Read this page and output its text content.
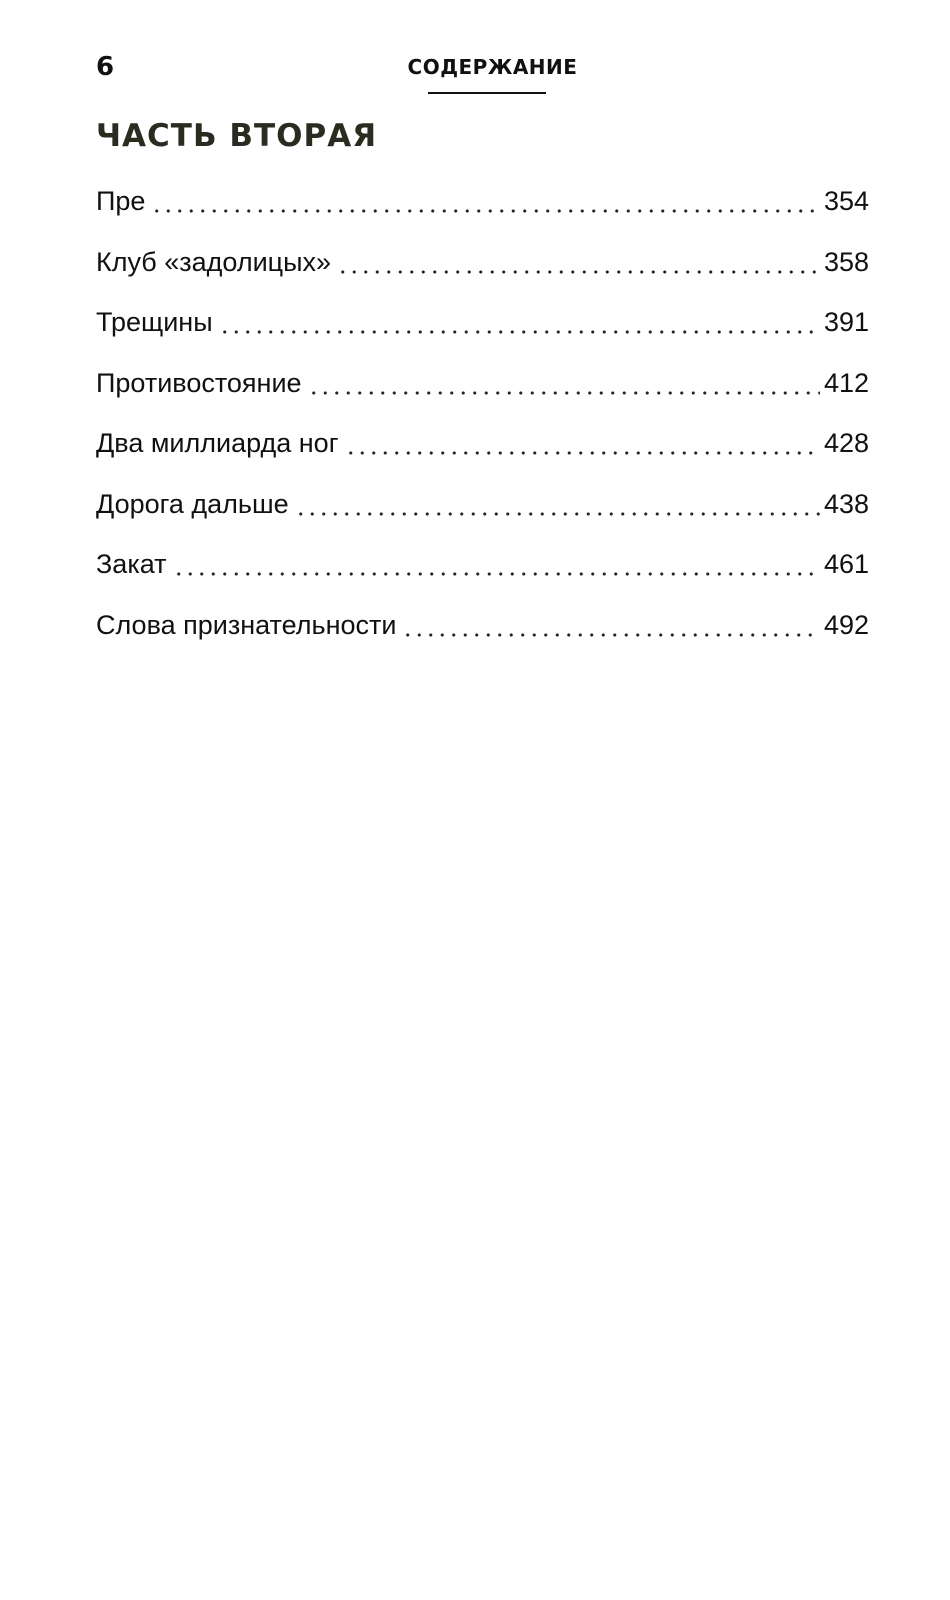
6	СОДЕРЖАНИЕ
ЧАСТЬ ВТОРАЯ
Пре	354
Клуб «задолицых»	358
Трещины	391
Противостояние	412
Два миллиарда ног	428
Дорога дальше	438
Закат	461
Слова признательности	492
